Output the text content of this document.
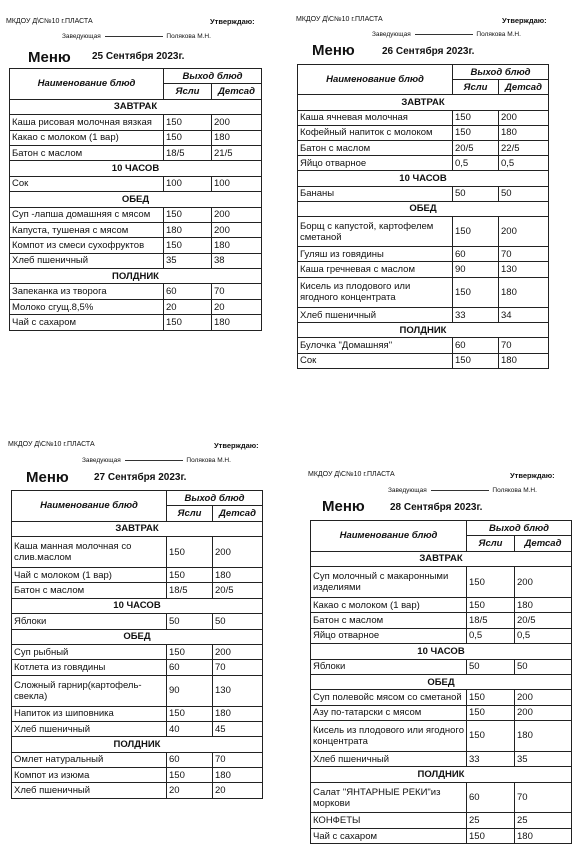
МКДОУ Д\С№10 г.ПЛАСТА	Утверждаю:
Заведующая	Полякова М.Н.
Меню 25 Сентября 2023г.
Наименование блюд	Выход блюд	
	Ясли	Детсад
ЗАВТРАК		
Каша рисовая молочная вязкая	150	200
Какао с молоком (1 вар)	150	180
Батон с маслом	18/5	21/5
10 ЧАСОВ		
Сок	100	100
ОБЕД		
Суп -лапша домашняя с мясом	150	200
Капуста, тушеная с мясом	180	200
Компот из смеси сухофруктов	150	180
Хлеб пшеничный	35	38
ПОЛДНИК		
Запеканка из творога	60	70
Молоко сгущ.8,5%	20	20
Чай с сахаром	150	180
МКДОУ Д\С№10 г.ПЛАСТА	Утверждаю:
Заведующая	Полякова М.Н.
Меню	26 Сентября 2023г.
Наименование блюд	Выход блюд	
	Ясли	Детсад
ЗАВТРАК		
Каша ячневая молочная	150	200
Кофейный напиток с молоком	150	180
Батон с маслом	20/5	22/5
Яйцо отварное	0,5	0,5
10 ЧАСОВ		
Бананы	50	50
ОБЕД		
Борщ с капустой, картофелем сметаной	150	200
Гуляш из говядины	60	70
Каша гречневая с маслом	90	130
Кисель из плодового или ягодного концентрата	150	180
Хлеб пшеничный	33	34
ПОЛДНИК		
Булочка "Домашняя"	60	70
Сок	150	180
МКДОУ Д\С№10 г.ПЛАСТА	Утверждаю:
Заведующая	Полякова М.Н.
Меню	27 Сентября 2023г.
Наименование блюд	Выход блюд	
	Ясли	Детсад
ЗАВТРАК		
Каша манная молочная со слив.маслом	150	200
Чай с молоком (1 вар)	150	180
Батон с маслом	18/5	20/5
10 ЧАСОВ		
Яблоки	50	50
ОБЕД		
Суп рыбный	150	200
Котлета из говядины	60	70
Сложный гарнир(картофель-свекла)	90	130
Напиток из шиповника	150	180
Хлеб пшеничный	40	45
ПОЛДНИК		
Омлет натуральный	60	70
Компот из изюма	150	180
Хлеб пшеничный	20	20
МКДОУ Д\С№10 г.ПЛАСТА	Утверждаю:
Заведующая	Полякова М.Н.
Меню	28 Сентября 2023г.
Наименование блюд	Выход блюд	
	Ясли	Детсад
ЗАВТРАК		
Суп молочный с макаронными изделиями	150	200
Какао с молоком (1 вар)	150	180
Батон с маслом	18/5	20/5
Яйцо отварное	0,5	0,5
10 ЧАСОВ		
Яблоки	50	50
ОБЕД		
Суп полевойс мясом со сметаной	150	200
Азу по-татарски с мясом	150	200
Кисель из плодового или ягодного концентрата	150	180
Хлеб пшеничный	33	35
ПОЛДНИК		
Салат "ЯНТАРНЫЕ РЕКИ"из моркови	60	70
КОНФЕТЫ	25	25
Чай с сахаром	150	180
